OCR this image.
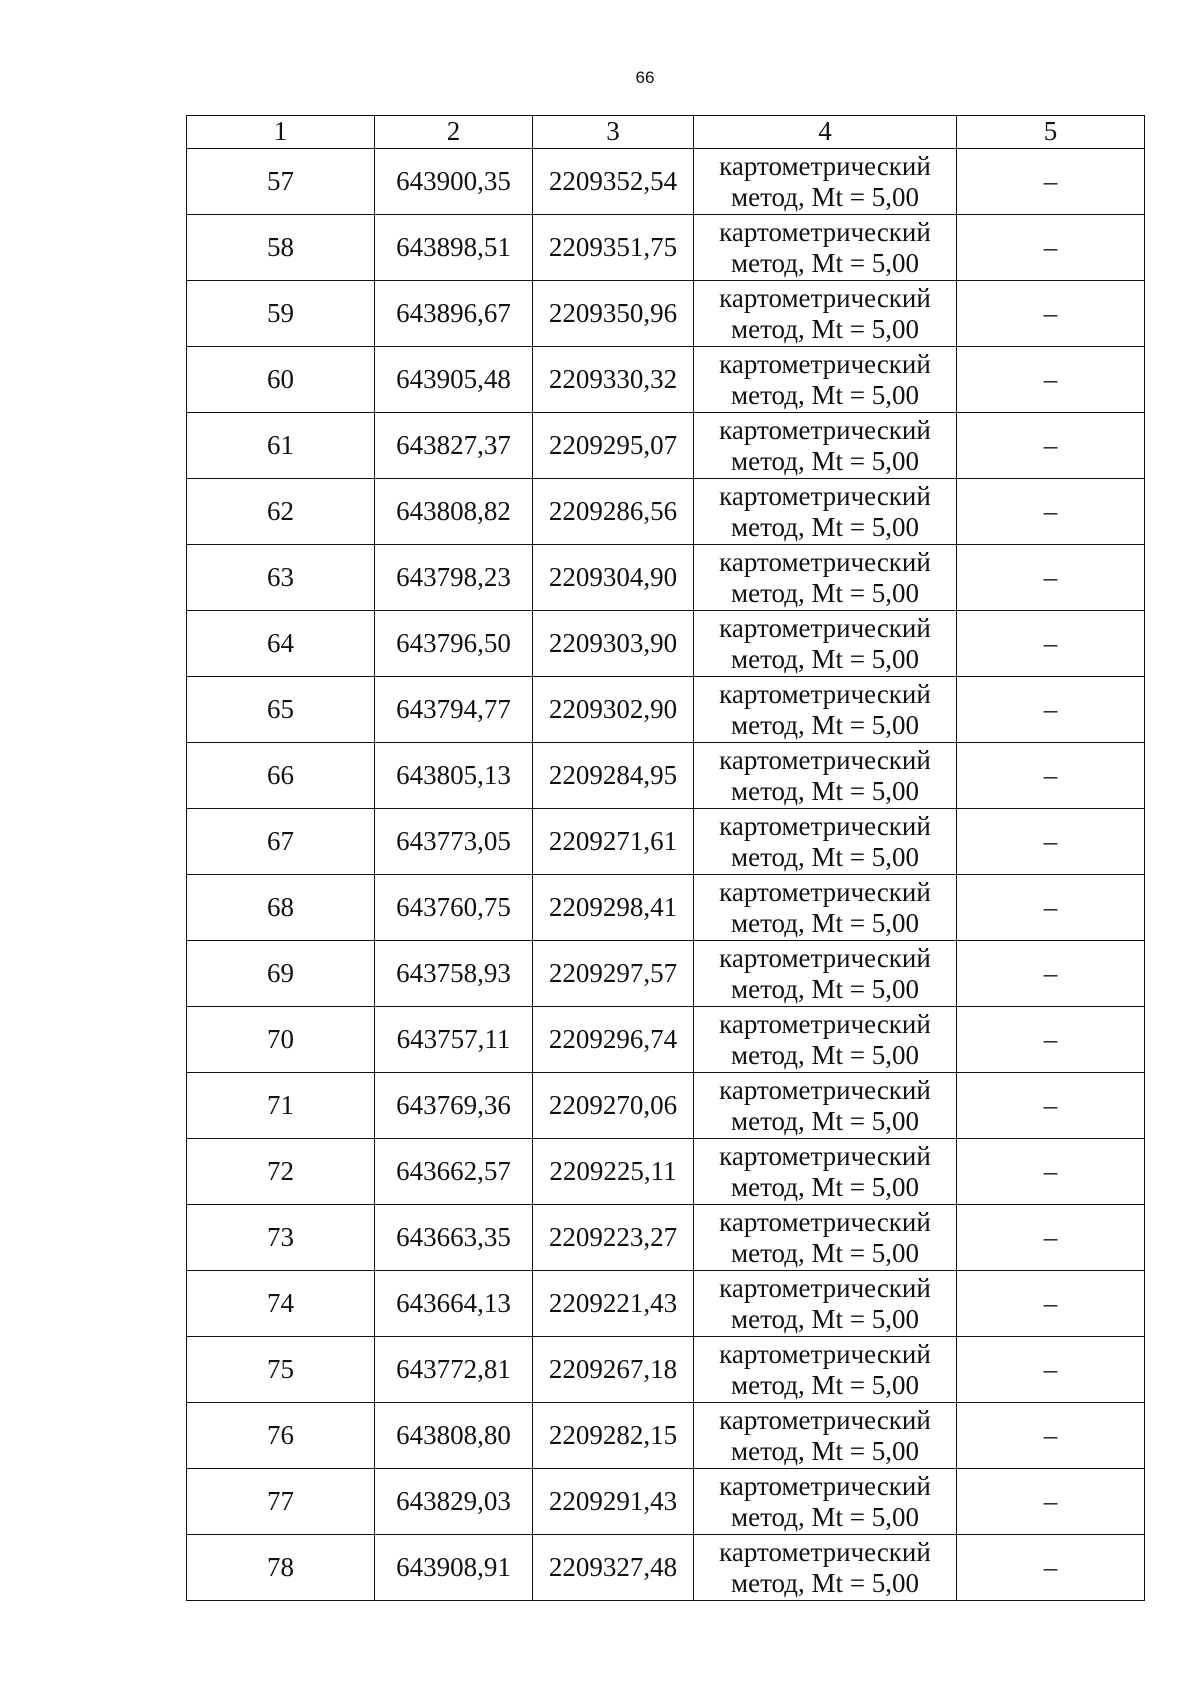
66
1	2	3	4	5
57	643900,35	2209352,54	картометрический
метод, Mt = 5,00	–
58	643898,51	2209351,75	картометрический
метод, Mt = 5,00	–
59	643896,67	2209350,96	картометрический
метод, Mt = 5,00	–
60	643905,48	2209330,32	картометрический
метод, Mt = 5,00	–
61	643827,37	2209295,07	картометрический
метод, Mt = 5,00	–
62	643808,82	2209286,56	картометрический
метод, Mt = 5,00	–
63	643798,23	2209304,90	картометрический
метод, Mt = 5,00	–
64	643796,50	2209303,90	картометрический
метод, Mt = 5,00	–
65	643794,77	2209302,90	картометрический
метод, Mt = 5,00	–
66	643805,13	2209284,95	картометрический
метод, Mt = 5,00	–
67	643773,05	2209271,61	картометрический
метод, Mt = 5,00	–
68	643760,75	2209298,41	картометрический
метод, Mt = 5,00	–
69	643758,93	2209297,57	картометрический
метод, Mt = 5,00	–
70	643757,11	2209296,74	картометрический
метод, Mt = 5,00	–
71	643769,36	2209270,06	картометрический
метод, Mt = 5,00	–
72	643662,57	2209225,11	картометрический
метод, Mt = 5,00	–
73	643663,35	2209223,27	картометрический
метод, Mt = 5,00	–
74	643664,13	2209221,43	картометрический
метод, Mt = 5,00	–
75	643772,81	2209267,18	картометрический
метод, Mt = 5,00	–
76	643808,80	2209282,15	картометрический
метод, Mt = 5,00	–
77	643829,03	2209291,43	картометрический
метод, Mt = 5,00	–
78	643908,91	2209327,48	картометрический
метод, Mt = 5,00	–
